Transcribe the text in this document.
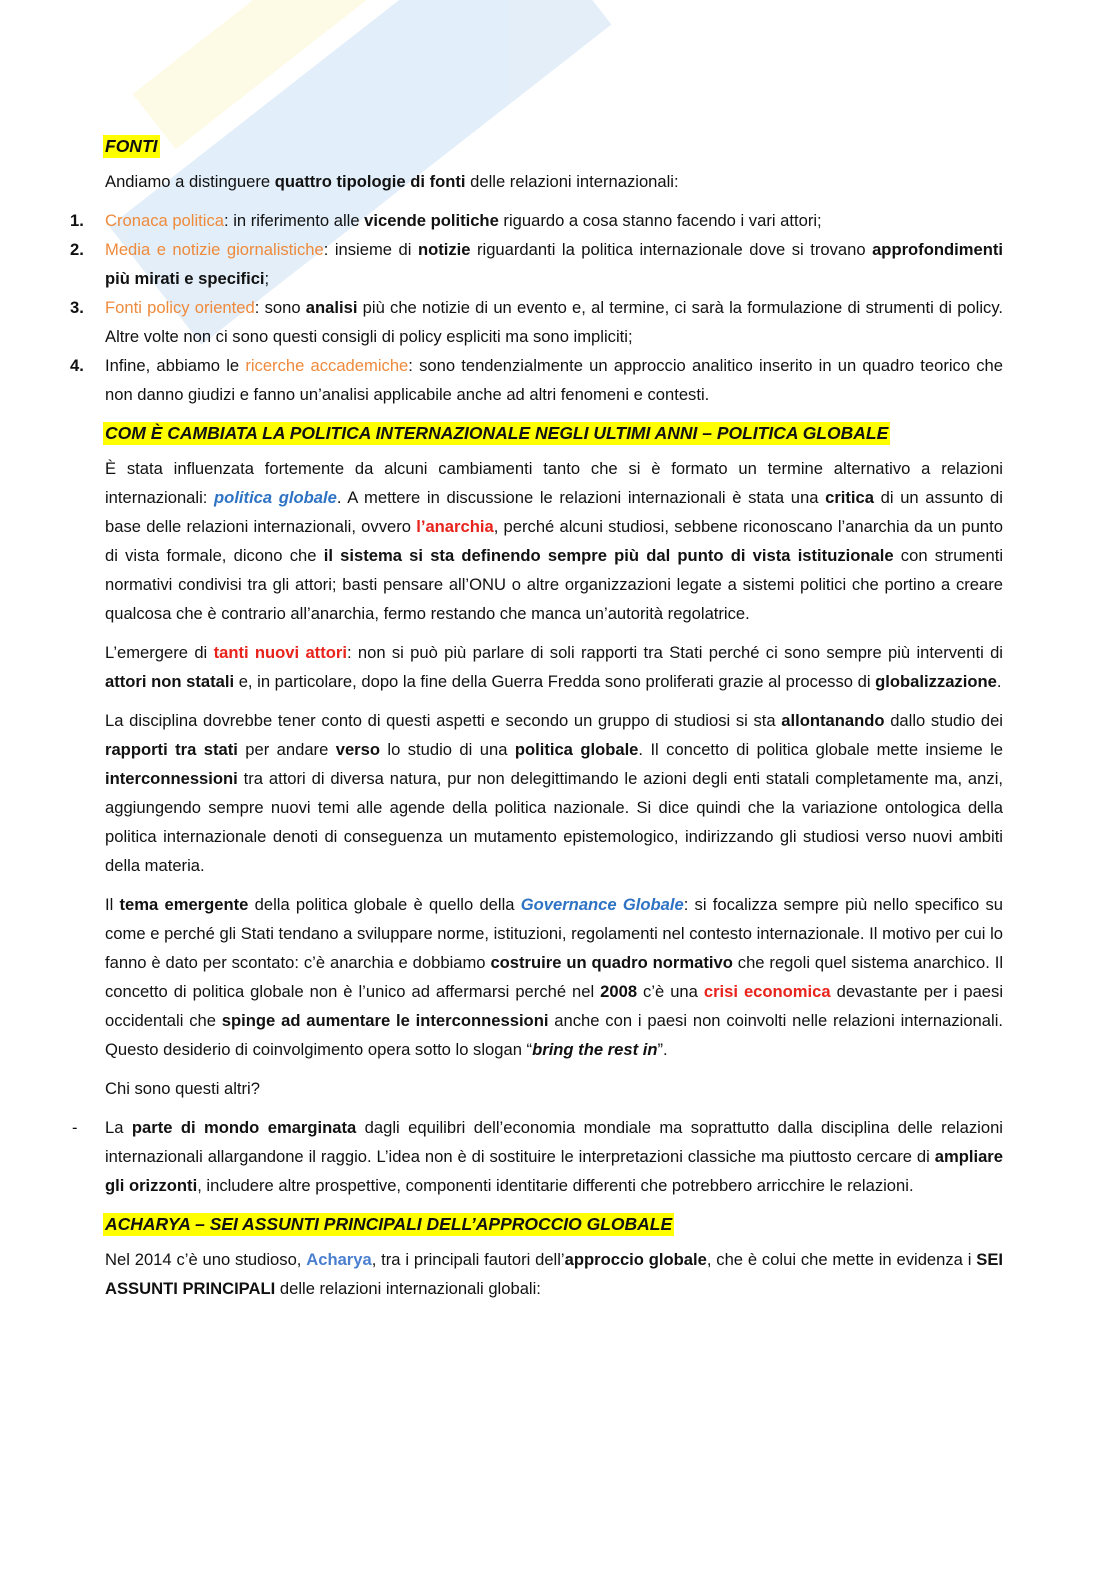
FONTI

Andiamo a distinguere quattro tipologie di fonti delle relazioni internazionali:

1. Cronaca politica: in riferimento alle vicende politiche riguardo a cosa stanno facendo i vari attori;

2. Media e notizie giornalistiche: insieme di notizie riguardanti la politica internazionale dove si trovano approfondimenti più mirati e specifici;

3. Fonti policy oriented: sono analisi più che notizie di un evento e, al termine, ci sarà la formulazione di strumenti di policy. Altre volte non ci sono questi consigli di policy espliciti ma sono impliciti;

4. Infine, abbiamo le ricerche accademiche: sono tendenzialmente un approccio analitico inserito in un quadro teorico che non danno giudizi e fanno un’analisi applicabile anche ad altri fenomeni e contesti.

COM È CAMBIATA LA POLITICA INTERNAZIONALE NEGLI ULTIMI ANNI – POLITICA GLOBALE

È stata influenzata fortemente da alcuni cambiamenti tanto che si è formato un termine alternativo a relazioni internazionali: politica globale. A mettere in discussione le relazioni internazionali è stata una critica di un assunto di base delle relazioni internazionali, ovvero l’anarchia, perché alcuni studiosi, sebbene riconoscano l’anarchia da un punto di vista formale, dicono che il sistema si sta definendo sempre più dal punto di vista istituzionale con strumenti normativi condivisi tra gli attori; basti pensare all’ONU o altre organizzazioni legate a sistemi politici che portino a creare qualcosa che è contrario all’anarchia, fermo restando che manca un’autorità regolatrice.

L’emergere di tanti nuovi attori: non si può più parlare di soli rapporti tra Stati perché ci sono sempre più interventi di attori non statali e, in particolare, dopo la fine della Guerra Fredda sono proliferati grazie al processo di globalizzazione.

La disciplina dovrebbe tener conto di questi aspetti e secondo un gruppo di studiosi si sta allontanando dallo studio dei rapporti tra stati per andare verso lo studio di una politica globale. Il concetto di politica globale mette insieme le interconnessioni tra attori di diversa natura, pur non delegittimando le azioni degli enti statali completamente ma, anzi, aggiungendo sempre nuovi temi alle agende della politica nazionale. Si dice quindi che la variazione ontologica della politica internazionale denoti di conseguenza un mutamento epistemologico, indirizzando gli studiosi verso nuovi ambiti della materia.

Il tema emergente della politica globale è quello della Governance Globale: si focalizza sempre più nello specifico su come e perché gli Stati tendano a sviluppare norme, istituzioni, regolamenti nel contesto internazionale. Il motivo per cui lo fanno è dato per scontato: c’è anarchia e dobbiamo costruire un quadro normativo che regoli quel sistema anarchico. Il concetto di politica globale non è l’unico ad affermarsi perché nel 2008 c’è una crisi economica devastante per i paesi occidentali che spinge ad aumentare le interconnessioni anche con i paesi non coinvolti nelle relazioni internazionali. Questo desiderio di coinvolgimento opera sotto lo slogan “bring the rest in”.

Chi sono questi altri?

- La parte di mondo emarginata dagli equilibri dell’economia mondiale ma soprattutto dalla disciplina delle relazioni internazionali allargandone il raggio. L’idea non è di sostituire le interpretazioni classiche ma piuttosto cercare di ampliare gli orizzonti, includere altre prospettive, componenti identitarie differenti che potrebbero arricchire le relazioni.

ACHARYA – SEI ASSUNTI PRINCIPALI DELL’APPROCCIO GLOBALE

Nel 2014 c’è uno studioso, Acharya, tra i principali fautori dell’approccio globale, che è colui che mette in evidenza i SEI ASSUNTI PRINCIPALI delle relazioni internazionali globali:
